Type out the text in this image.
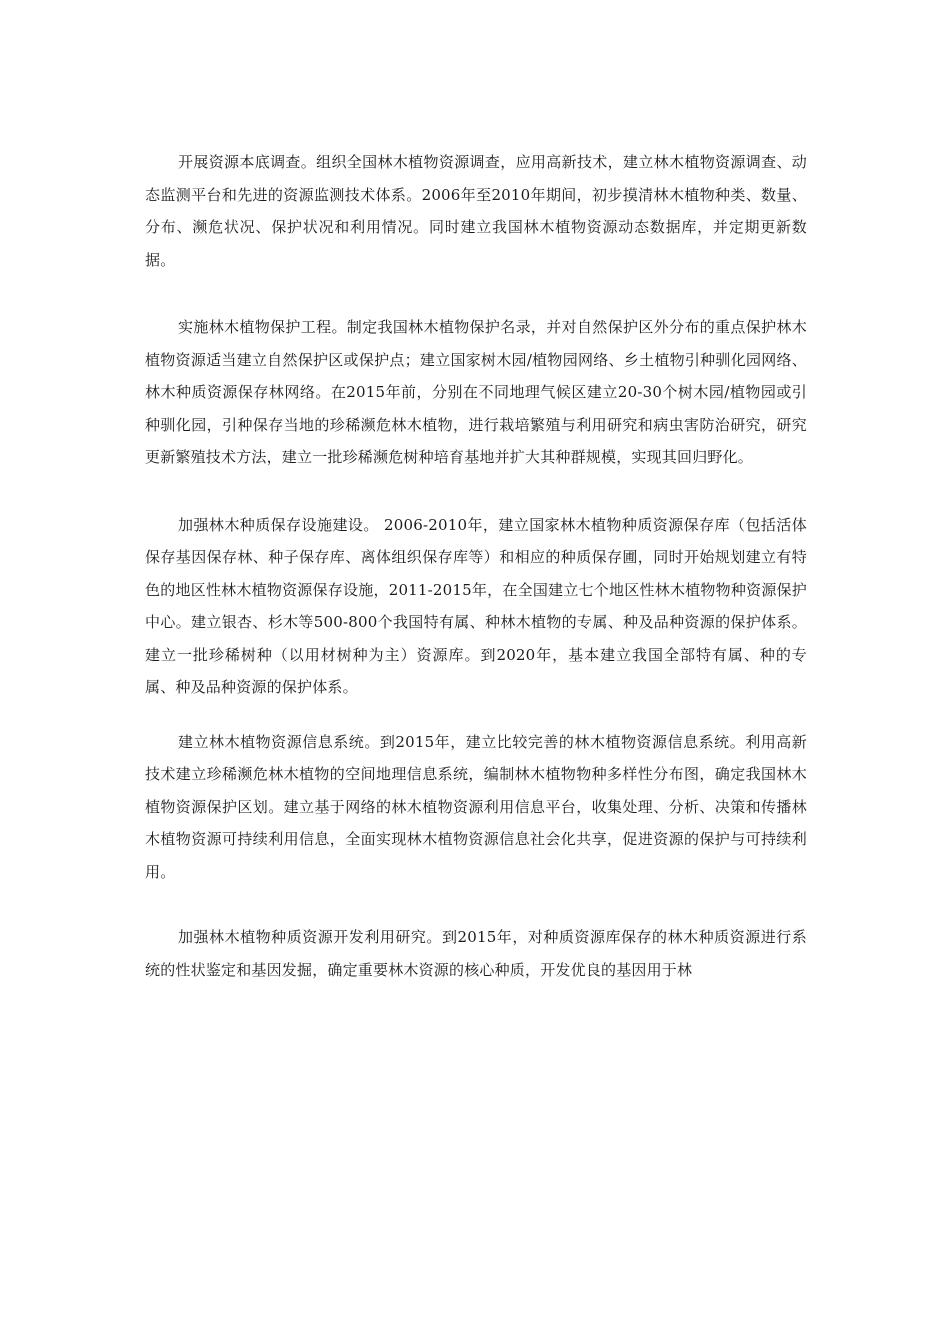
开展资源本底调查。组织全国林木植物资源调查，应用高新技术，建立林木植物资源调查、动态监测平台和先进的资源监测技术体系。2006年至2010年期间，初步摸清林木植物种类、数量、分布、濒危状况、保护状况和利用情况。同时建立我国林木植物资源动态数据库，并定期更新数据。

实施林木植物保护工程。制定我国林木植物保护名录，并对自然保护区外分布的重点保护林木植物资源适当建立自然保护区或保护点；建立国家树木园/植物园网络、乡土植物引种驯化园网络、林木种质资源保存林网络。在2015年前，分别在不同地理气候区建立20-30个树木园/植物园或引种驯化园，引种保存当地的珍稀濒危林木植物，进行栽培繁殖与利用研究和病虫害防治研究，研究更新繁殖技术方法，建立一批珍稀濒危树种培育基地并扩大其种群规模，实现其回归野化。

加强林木种质保存设施建设。 2006-2010年，建立国家林木植物种质资源保存库（包括活体保存基因保存林、种子保存库、离体组织保存库等）和相应的种质保存圃，同时开始规划建立有特色的地区性林木植物资源保存设施，2011-2015年，在全国建立七个地区性林木植物物种资源保护中心。建立银杏、杉木等500-800个我国特有属、种林木植物的专属、种及品种资源的保护体系。建立一批珍稀树种（以用材树种为主）资源库。到2020年，基本建立我国全部特有属、种的专属、种及品种资源的保护体系。

建立林木植物资源信息系统。到2015年，建立比较完善的林木植物资源信息系统。利用高新技术建立珍稀濒危林木植物的空间地理信息系统，编制林木植物物种多样性分布图，确定我国林木植物资源保护区划。建立基于网络的林木植物资源利用信息平台，收集处理、分析、决策和传播林木植物资源可持续利用信息，全面实现林木植物资源信息社会化共享，促进资源的保护与可持续利用。

加强林木植物种质资源开发利用研究。到2015年，对种质资源库保存的林木种质资源进行系统的性状鉴定和基因发掘，确定重要林木资源的核心种质，开发优良的基因用于林
